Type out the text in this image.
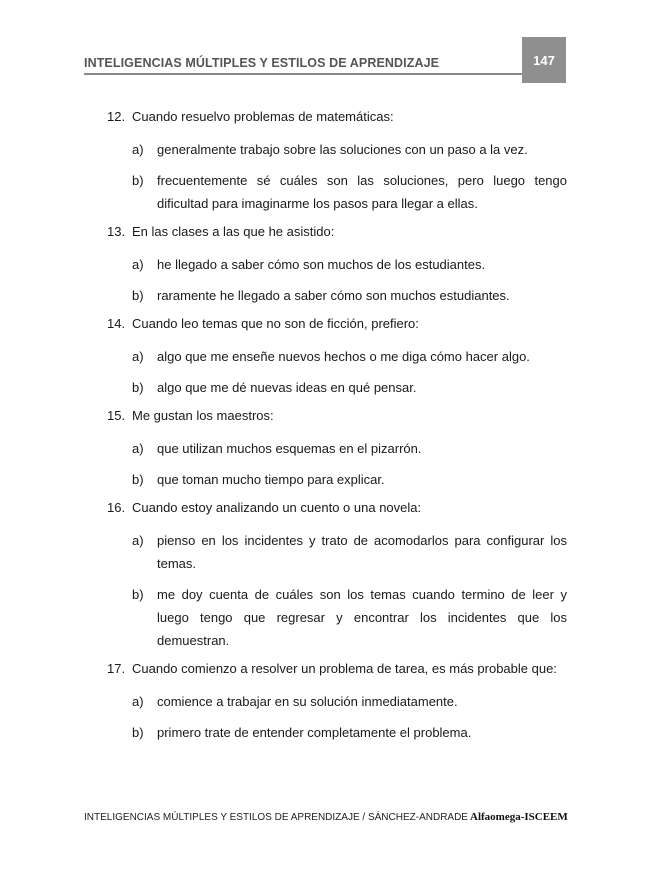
INTELIGENCIAS MÚLTIPLES Y ESTILOS DE APRENDIZAJE	147
12. Cuando resuelvo problemas de matemáticas:
a) generalmente trabajo sobre las soluciones con un paso a la vez.
b) frecuentemente sé cuáles son las soluciones, pero luego tengo dificultad para imaginarme los pasos para llegar a ellas.
13. En las clases a las que he asistido:
a) he llegado a saber cómo son muchos de los estudiantes.
b) raramente he llegado a saber cómo son muchos estudiantes.
14. Cuando leo temas que no son de ficción, prefiero:
a) algo que me enseñe nuevos hechos o me diga cómo hacer algo.
b) algo que me dé nuevas ideas en qué pensar.
15. Me gustan los maestros:
a) que utilizan muchos esquemas en el pizarrón.
b) que toman mucho tiempo para explicar.
16. Cuando estoy analizando un cuento o una novela:
a) pienso en los incidentes y trato de acomodarlos para configurar los temas.
b) me doy cuenta de cuáles son los temas cuando termino de leer y luego tengo que regresar y encontrar los incidentes que los demuestran.
17. Cuando comienzo a resolver un problema de tarea, es más probable que:
a) comience a trabajar en su solución inmediatamente.
b) primero trate de entender completamente el problema.
INTELIGENCIAS MÚLTIPLES Y ESTILOS DE APRENDIZAJE / SÁNCHEZ-ANDRADE Alfaomega-ISCEEM
